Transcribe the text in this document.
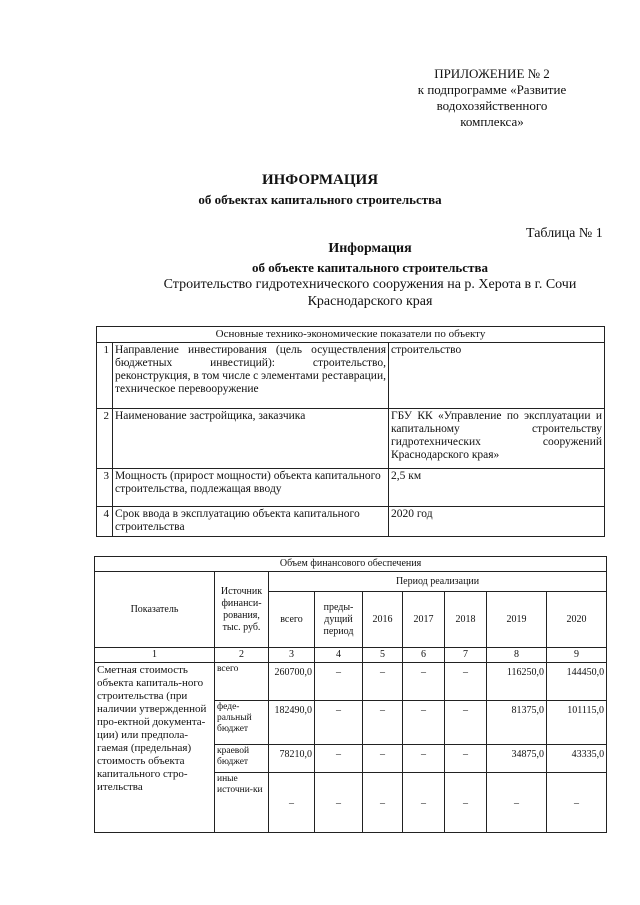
ПРИЛОЖЕНИЕ № 2
к подпрограмме «Развитие
водохозяйственного
комплекса»
ИНФОРМАЦИЯ
об объектах капитального строительства
Таблица № 1
Информация
об объекте капитального строительства
Строительство гидротехнического сооружения на р. Херота в г. Сочи
Краснодарского края
Основные технико-экономические показатели по объекту		
1	Направление инвестирования (цель осуществления бюджетных инвестиций): строительство, реконструкция, в том числе с элементами реставрации, техническое перевооружение	строительство
2	Наименование застройщика, заказчика	ГБУ КК «Управление по эксплуатации и капитальному строительству гидротехнических сооружений Краснодарского края»
3	Мощность (прирост мощности) объекта капитального строительства, подлежащая вводу	2,5 км
4	Срок ввода в эксплуатацию объекта капитального строительства	2020 год
Объем финансового обеспечения								
Показатель	Источник финанси-рования, тыс. руб.	Период реализации						
		всего	преды-дущий период	2016	2017	2018	2019	2020
1	2	3	4	5	6	7	8	9
Сметная стоимость объекта капиталь-ного строительства (при наличии утвержденной про-ектной документа-ции) или предпола-гаемая (предельная) стоимость объекта капитального стро-ительства	всего	260700,0	–	–	–	–	116250,0	144450,0
	феде-ральный бюджет	182490,0	–	–	–	–	81375,0	101115,0
	краевой бюджет	78210,0	–	–	–	–	34875,0	43335,0
	иные источни-ки	–	–	–	–	–	–	–
